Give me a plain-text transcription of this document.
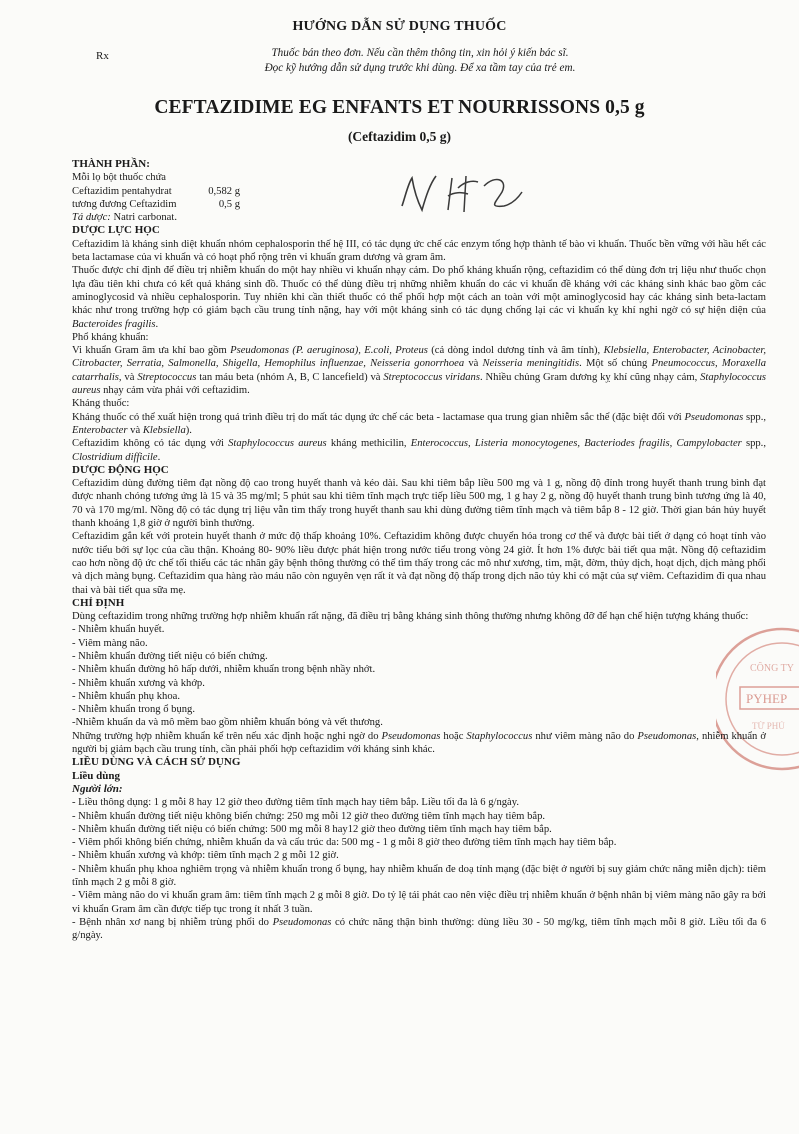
HƯỚNG DẪN SỬ DỤNG THUỐC
Rx	Thuốc bán theo đơn. Nếu cần thêm thông tin, xin hỏi ý kiến bác sĩ.
Đọc kỹ hướng dẫn sử dụng trước khi dùng. Để xa tầm tay của trẻ em.
CEFTAZIDIME EG ENFANTS ET NOURRISSONS 0,5 g
(Ceftazidim 0,5 g)
PYHEP
CÔNG TY
TỪ PHÚ

THÀNH PHẦN:

Mỗi lọ bột thuốc chứa

Ceftazidim pentahydrat	0,582 g
tương đương Ceftazidim	0,5 g

Tá dược: Natri carbonat.

DƯỢC LỰC HỌC

Ceftazidim là kháng sinh diệt khuẩn nhóm cephalosporin thế hệ III, có tác dụng ức chế các enzym tổng hợp thành tế bào vi khuẩn. Thuốc bền vững với hầu hết các beta lactamase của vi khuẩn và có hoạt phổ rộng trên vi khuẩn gram dương và gram âm.

Thuốc được chỉ định để điều trị nhiễm khuẩn do một hay nhiều vi khuẩn nhạy cảm. Do phổ kháng khuẩn rộng, ceftazidim có thể dùng đơn trị liệu như thuốc chọn lựa đầu tiên khi chưa có kết quả kháng sinh đồ. Thuốc có thể dùng điều trị những nhiễm khuẩn do các vi khuẩn đề kháng với các kháng sinh khác bao gồm các aminoglycosid và nhiều cephalosporin. Tuy nhiên khi cần thiết thuốc có thể phối hợp một cách an toàn với một aminoglycosid hay các kháng sinh beta-lactam khác như trong trường hợp có giảm bạch cầu trung tính nặng, hay với một kháng sinh có tác dụng chống lại các vi khuẩn kỵ khí nghi ngờ có sự hiện diện của Bacteroides fragilis.

Phổ kháng khuẩn:

Vi khuẩn Gram âm ưa khí bao gồm Pseudomonas (P. aeruginosa), E.coli, Proteus (cả dòng indol dương tính và âm tính), Klebsiella, Enterobacter, Acinobacter, Citrobacter, Serratia, Salmonella, Shigella, Hemophilus influenzae, Neisseria gonorrhoea và Neisseria meningitidis. Một số chủng Pneumococcus, Moraxella catarrhalis, và Streptococcus tan máu beta (nhóm A, B, C lancefield) và Streptococcus viridans. Nhiều chủng Gram dương kỵ khí cũng nhạy cảm, Staphylococcus aureus nhạy cảm vừa phải với ceftazidim.

Kháng thuốc:

Kháng thuốc có thể xuất hiện trong quá trình điều trị do mất tác dụng ức chế các beta - lactamase qua trung gian nhiễm sắc thể (đặc biệt đối với Pseudomonas spp., Enterobacter và Klebsiella).

Ceftazidim không có tác dụng với Staphylococcus aureus kháng methicilin, Enterococcus, Listeria monocytogenes, Bacteriodes fragilis, Campylobacter spp., Clostridium difficile.

DƯỢC ĐỘNG HỌC

Ceftazidim dùng đường tiêm đạt nồng độ cao trong huyết thanh và kéo dài. Sau khi tiêm bắp liều 500 mg và 1 g, nồng độ đỉnh trong huyết thanh trung bình đạt được nhanh chóng tương ứng là 15 và 35 mg/ml; 5 phút sau khi tiêm tĩnh mạch trực tiếp liều 500 mg, 1 g hay 2 g, nồng độ huyết thanh trung bình tương ứng là 40, 70 và 170 mg/ml. Nồng độ có tác dụng trị liệu vẫn tìm thấy trong huyết thanh sau khi dùng đường tiêm tĩnh mạch và tiêm bắp 8 - 12 giờ. Thời gian bán hủy huyết thanh khoảng 1,8 giờ ở người bình thường.

Ceftazidim gắn kết với protein huyết thanh ở mức độ thấp khoảng 10%. Ceftazidim không được chuyển hóa trong cơ thể và được bài tiết ở dạng có hoạt tính vào nước tiểu bởi sự lọc của cầu thận. Khoảng 80- 90% liều được phát hiện trong nước tiểu trong vòng 24 giờ. Ít hơn 1% được bài tiết qua mật. Nồng độ ceftazidim cao hơn nồng độ ức chế tối thiểu các tác nhân gây bệnh thông thường có thể tìm thấy trong các mô như xương, tim, mật, đờm, thủy dịch, hoạt dịch, dịch màng phổi và dịch màng bụng. Ceftazidim qua hàng rào máu não còn nguyên vẹn rất ít và đạt nồng độ thấp trong dịch não tủy khi có mặt của sự viêm. Ceftazidim đi qua nhau thai và bài tiết qua sữa mẹ.

CHỈ ĐỊNH

Dùng ceftazidim trong những trường hợp nhiễm khuẩn rất nặng, đã điều trị bằng kháng sinh thông thường nhưng không đỡ để hạn chế hiện tượng kháng thuốc:

- Nhiễm khuẩn huyết.

- Viêm màng não.

- Nhiễm khuẩn đường tiết niệu có biến chứng.

- Nhiễm khuẩn đường hô hấp dưới, nhiễm khuẩn trong bệnh nhầy nhớt.

- Nhiễm khuẩn xương và khớp.

- Nhiễm khuẩn phụ khoa.

- Nhiễm khuẩn trong ổ bụng.

-Nhiễm khuẩn da và mô mềm bao gồm nhiễm khuẩn bỏng và vết thương.

Những trường hợp nhiễm khuẩn kể trên nếu xác định hoặc nghi ngờ do Pseudomonas hoặc Staphylococcus như viêm màng não do Pseudomonas, nhiễm khuẩn ở người bị giảm bạch cầu trung tính, cần phải phối hợp ceftazidim với kháng sinh khác.

LIỀU DÙNG VÀ CÁCH SỬ DỤNG

Liều dùng

Người lớn:

- Liều thông dụng: 1 g mỗi 8 hay 12 giờ theo đường tiêm tĩnh mạch hay tiêm bắp. Liều tối đa là 6 g/ngày.

- Nhiễm khuẩn đường tiết niệu không biến chứng: 250 mg mỗi 12 giờ theo đường tiêm tĩnh mạch hay tiêm bắp.

- Nhiễm khuẩn đường tiết niệu có biến chứng: 500 mg mỗi 8 hay12 giờ theo đường tiêm tĩnh mạch hay tiêm bắp.

- Viêm phổi không biến chứng, nhiễm khuẩn da và cấu trúc da: 500 mg - 1 g mỗi 8 giờ theo đường tiêm tĩnh mạch hay tiêm bắp.

- Nhiễm khuẩn xương và khớp: tiêm tĩnh mạch 2 g mỗi 12 giờ.

- Nhiễm khuẩn phụ khoa nghiêm trọng và nhiễm khuẩn trong ổ bụng, hay nhiễm khuẩn đe doạ tính mạng (đặc biệt ở người bị suy giảm chức năng miễn dịch): tiêm tĩnh mạch 2 g mỗi 8 giờ.

- Viêm màng não do vi khuẩn gram âm: tiêm tĩnh mạch 2 g mỗi 8 giờ. Do tỷ lệ tái phát cao nên việc điều trị nhiễm khuẩn ở bệnh nhân bị viêm màng não gây ra bởi vi khuẩn Gram âm cần được tiếp tục trong ít nhất 3 tuần.

- Bệnh nhân xơ nang bị nhiễm trùng phổi do Pseudomonas có chức năng thận bình thường: dùng liều 30 - 50 mg/kg, tiêm tĩnh mạch mỗi 8 giờ. Liều tối đa 6 g/ngày.
